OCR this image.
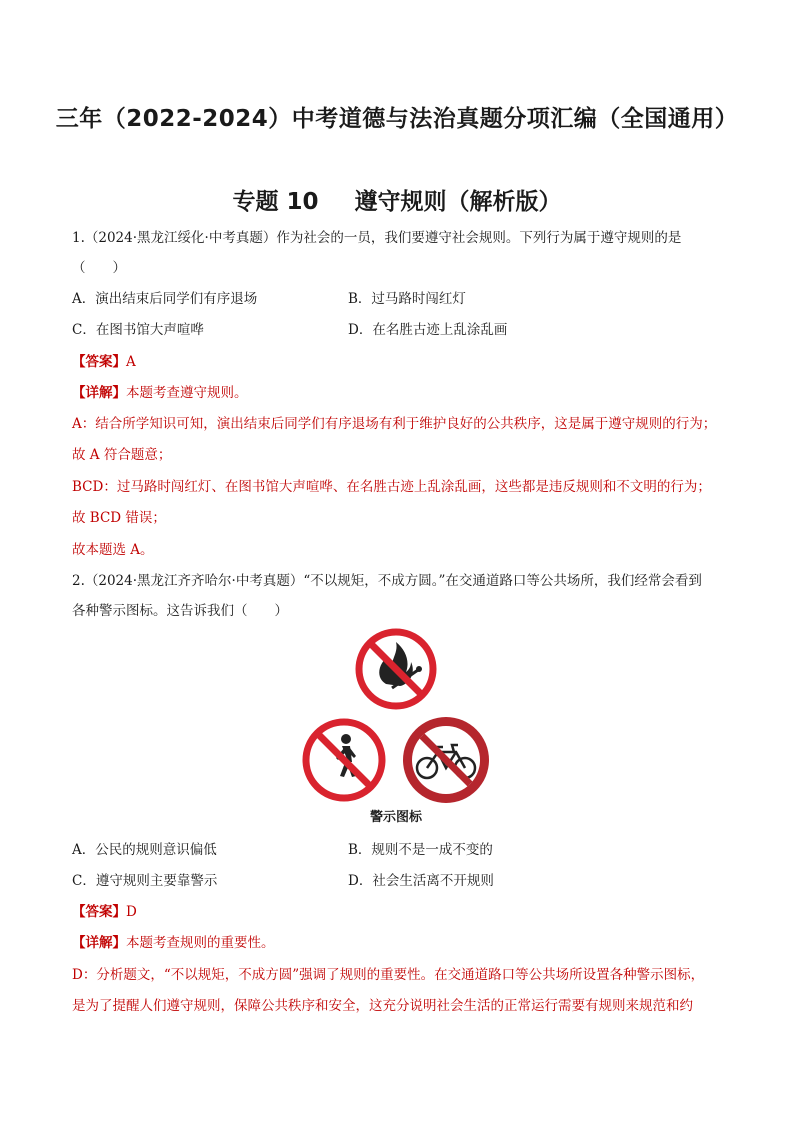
三年（2022-2024）中考道德与法治真题分项汇编（全国通用）
专题 10 遵守规则（解析版）
1.（2024·黑龙江绥化·中考真题）作为社会的一员，我们要遵守社会规则。下列行为属于遵守规则的是
（　　）
A．演出结束后同学们有序退场	B．过马路时闯红灯
C．在图书馆大声喧哗	D．在名胜古迹上乱涂乱画
【答案】A
【详解】本题考查遵守规则。
A：结合所学知识可知，演出结束后同学们有序退场有利于维护良好的公共秩序，这是属于遵守规则的行为；
故 A 符合题意；
BCD：过马路时闯红灯、在图书馆大声喧哗、在名胜古迹上乱涂乱画，这些都是违反规则和不文明的行为；
故 BCD 错误；
故本题选 A。
2.（2024·黑龙江齐齐哈尔·中考真题）“不以规矩，不成方圆。”在交通道路口等公共场所，我们经常会看到
各种警示图标。这告诉我们（　　）
警示图标
A．公民的规则意识偏低	B．规则不是一成不变的
C．遵守规则主要靠警示	D．社会生活离不开规则
【答案】D
【详解】本题考查规则的重要性。
D：分析题文，“不以规矩，不成方圆”强调了规则的重要性。在交通道路口等公共场所设置各种警示图标，
是为了提醒人们遵守规则，保障公共秩序和安全，这充分说明社会生活的正常运行需要有规则来规范和约
